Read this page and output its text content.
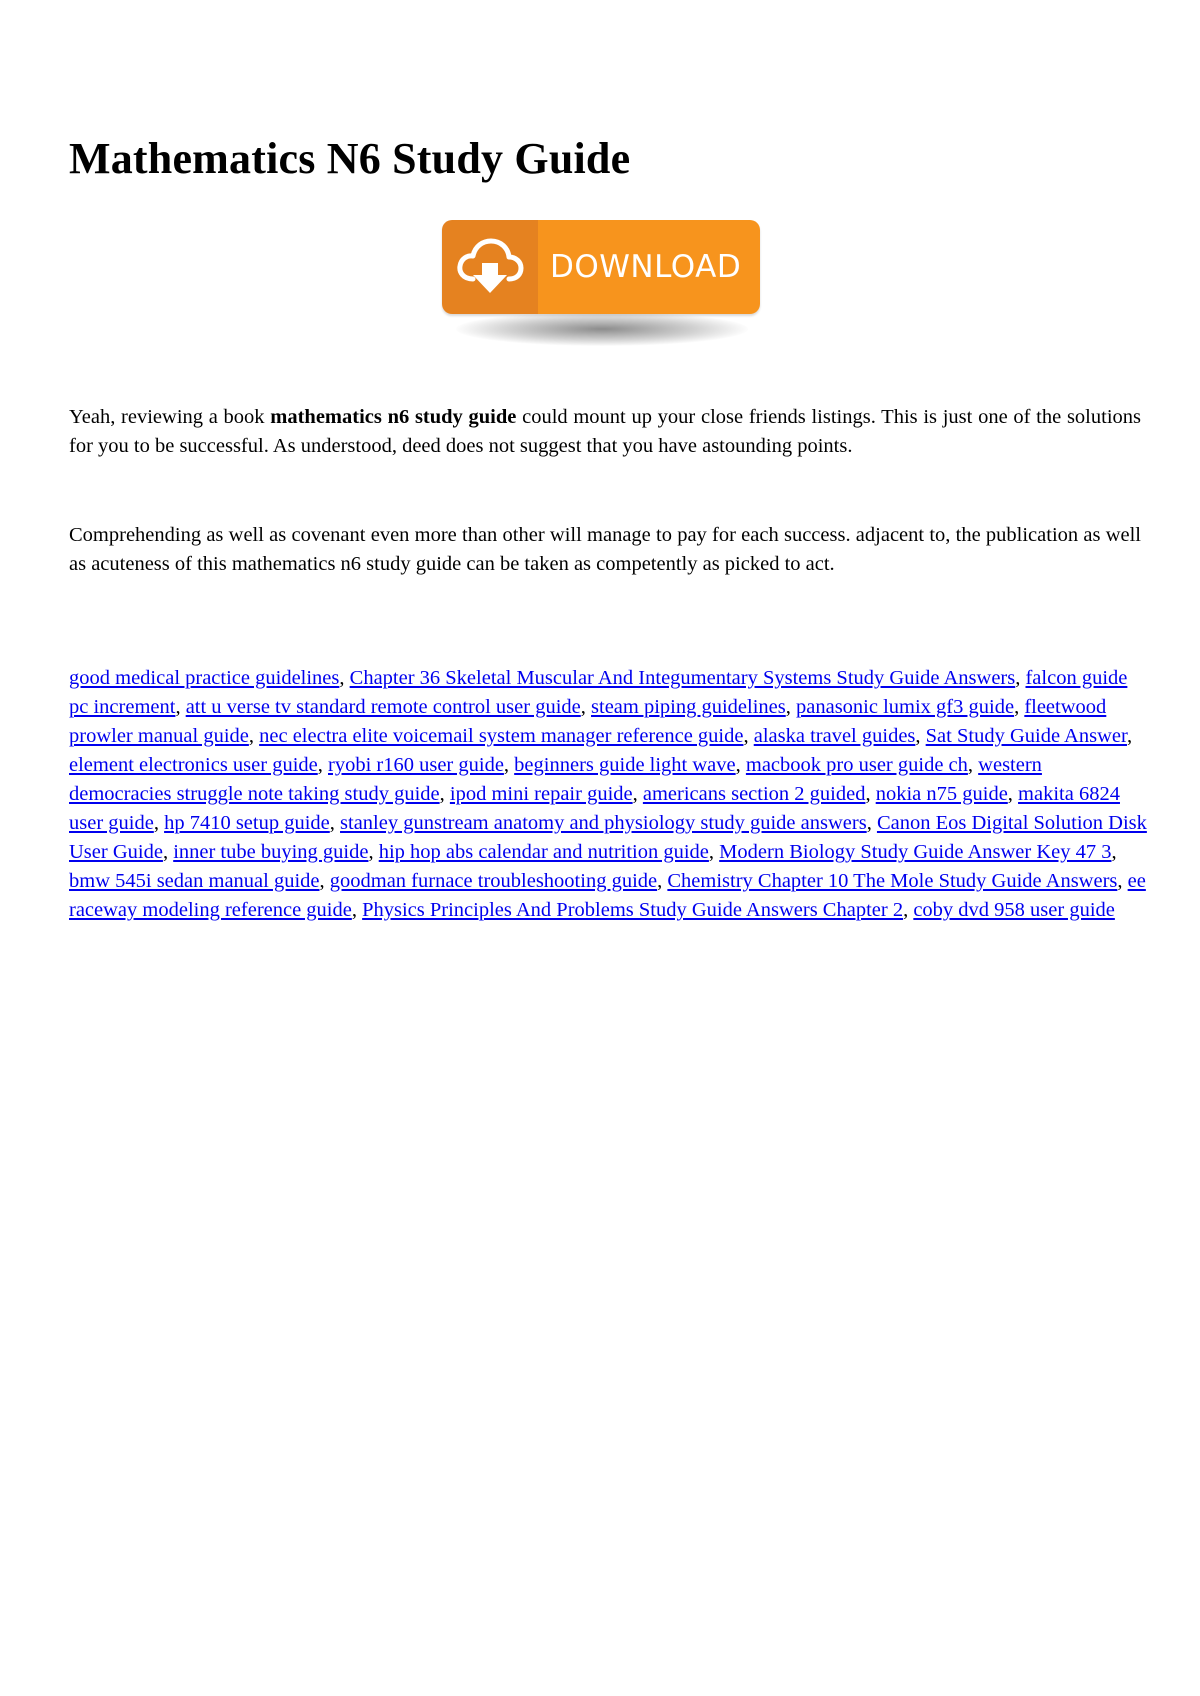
Mathematics N6 Study Guide
DOWNLOAD

Yeah, reviewing a book mathematics n6 study guide could mount up your close friends listings. This is just one of the solutions for you to be successful. As understood, deed does not suggest that you have astounding points.

Comprehending as well as covenant even more than other will manage to pay for each success. adjacent to, the publication as well as acuteness of this mathematics n6 study guide can be taken as competently as picked to act.

good medical practice guidelines, Chapter 36 Skeletal Muscular And Integumentary Systems Study Guide Answers, falcon guide pc increment, att u verse tv standard remote control user guide, steam piping guidelines, panasonic lumix gf3 guide, fleetwood prowler manual guide, nec electra elite voicemail system manager reference guide, alaska travel guides, Sat Study Guide Answer, element electronics user guide, ryobi r160 user guide, beginners guide light wave, macbook pro user guide ch, western democracies struggle note taking study guide, ipod mini repair guide, americans section 2 guided, nokia n75 guide, makita 6824 user guide, hp 7410 setup guide, stanley gunstream anatomy and physiology study guide answers, Canon Eos Digital Solution Disk User Guide, inner tube buying guide, hip hop abs calendar and nutrition guide, Modern Biology Study Guide Answer Key 47 3, bmw 545i sedan manual guide, goodman furnace troubleshooting guide, Chemistry Chapter 10 The Mole Study Guide Answers, ee raceway modeling reference guide, Physics Principles And Problems Study Guide Answers Chapter 2, coby dvd 958 user guide
